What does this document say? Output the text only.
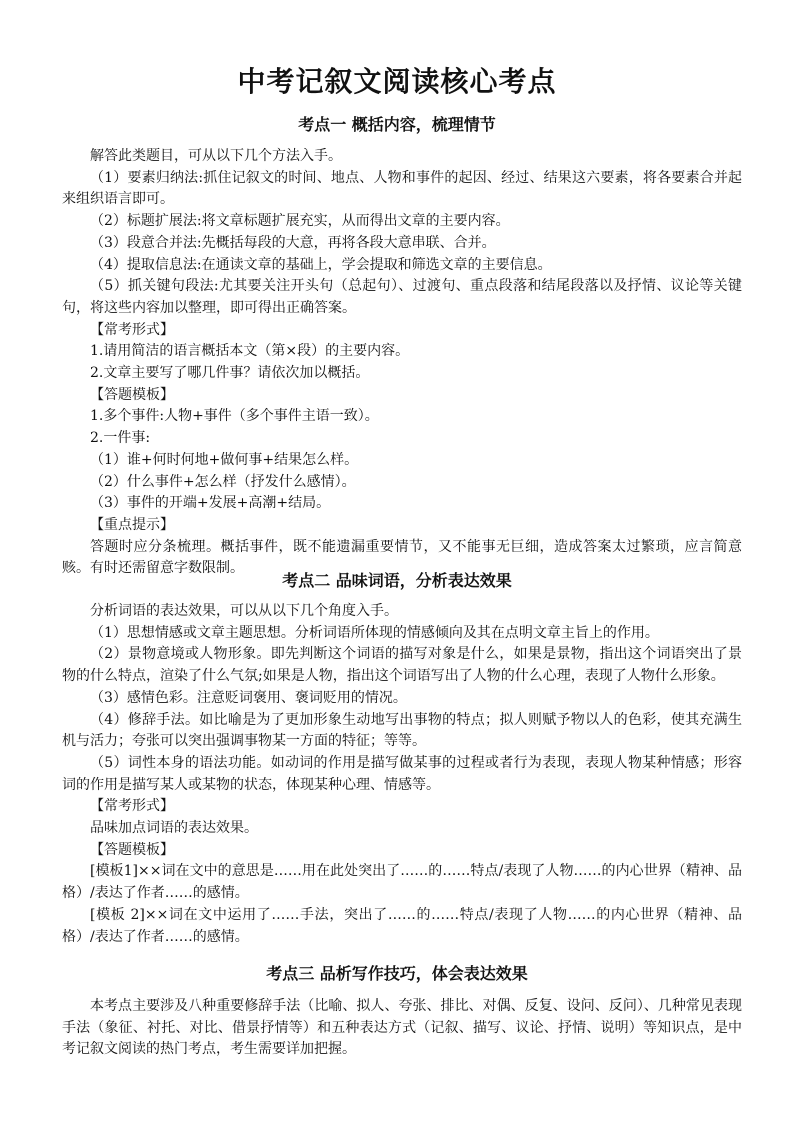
中考记叙文阅读核心考点
考点一 概括内容，梳理情节

解答此类题目，可从以下几个方法入手。

（1）要素归纳法:抓住记叙文的时间、地点、人物和事件的起因、经过、结果这六要素，将各要素合并起来组织语言即可。

（2）标题扩展法:将文章标题扩展充实，从而得出文章的主要内容。

（3）段意合并法:先概括每段的大意，再将各段大意串联、合并。

（4）提取信息法:在通读文章的基础上，学会提取和筛选文章的主要信息。

（5）抓关键句段法:尤其要关注开头句（总起句）、过渡句、重点段落和结尾段落以及抒情、议论等关键句，将这些内容加以整理，即可得出正确答案。

【常考形式】

1.请用简洁的语言概括本文（第×段）的主要内容。

2.文章主要写了哪几件事？请依次加以概括。

【答题模板】

1.多个事件:人物+事件（多个事件主语一致）。

2.一件事:

（1）谁+何时何地+做何事+结果怎么样。

（2）什么事件+怎么样（抒发什么感情）。

（3）事件的开端+发展+高潮+结局。

【重点提示】

答题时应分条梳理。概括事件，既不能遗漏重要情节，又不能事无巨细，造成答案太过繁琐，应言简意赅。有时还需留意字数限制。

考点二 品味词语，分析表达效果

分析词语的表达效果，可以从以下几个角度入手。

（1）思想情感或文章主题思想。分析词语所体现的情感倾向及其在点明文章主旨上的作用。

（2）景物意境或人物形象。即先判断这个词语的描写对象是什么，如果是景物，指出这个词语突出了景物的什么特点，渲染了什么气氛;如果是人物，指出这个词语写出了人物的什么心理，表现了人物什么形象。

（3）感情色彩。注意贬词褒用、褒词贬用的情况。

（4）修辞手法。如比喻是为了更加形象生动地写出事物的特点；拟人则赋予物以人的色彩，使其充满生机与活力；夸张可以突出强调事物某一方面的特征；等等。

（5）词性本身的语法功能。如动词的作用是描写做某事的过程或者行为表现，表现人物某种情感；形容词的作用是描写某人或某物的状态，体现某种心理、情感等。

【常考形式】

品味加点词语的表达效果。

【答题模板】

[模板1]××词在文中的意思是……用在此处突出了……的……特点/表现了人物……的内心世界（精神、品格）/表达了作者……的感情。

[模板 2]××词在文中运用了……手法，突出了……的……特点/表现了人物……的内心世界（精神、品格）/表达了作者……的感情。

考点三 品析写作技巧，体会表达效果

本考点主要涉及八种重要修辞手法（比喻、拟人、夸张、排比、对偶、反复、设问、反问）、几种常见表现手法（象征、衬托、对比、借景抒情等）和五种表达方式（记叙、描写、议论、抒情、说明）等知识点，是中考记叙文阅读的热门考点，考生需要详加把握。
